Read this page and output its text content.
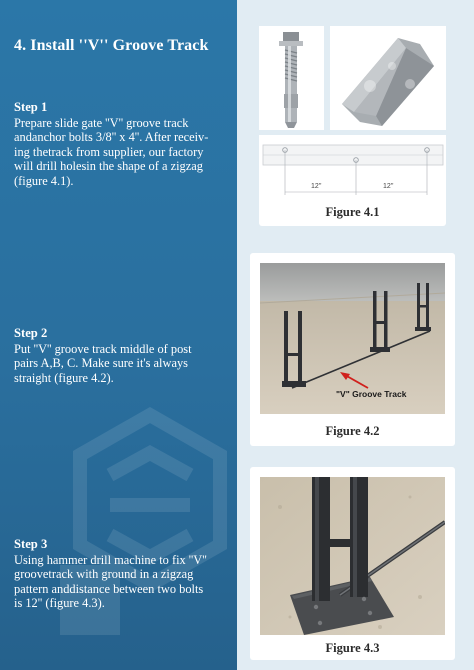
4. Install ''V'' Groove Track
Step 1
Prepare slide gate ''V'' groove track
andanchor bolts 3/8'' x 4''. After receiv-
ing thetrack from supplier, our factory
will drill holesin the shape of a zigzag
(figure 4.1).
Step 2
Put ''V'' groove track middle of post
pairs A,B, C. Make sure it's always
straight (figure 4.2).
Step 3
Using hammer drill machine to fix ''V''
groovetrack with ground in a zigzag
pattern anddistance between two bolts
is 12'' (figure 4.3).
12''	12''
Figure 4.1
"V" Groove Track
Figure 4.2
Figure 4.3
